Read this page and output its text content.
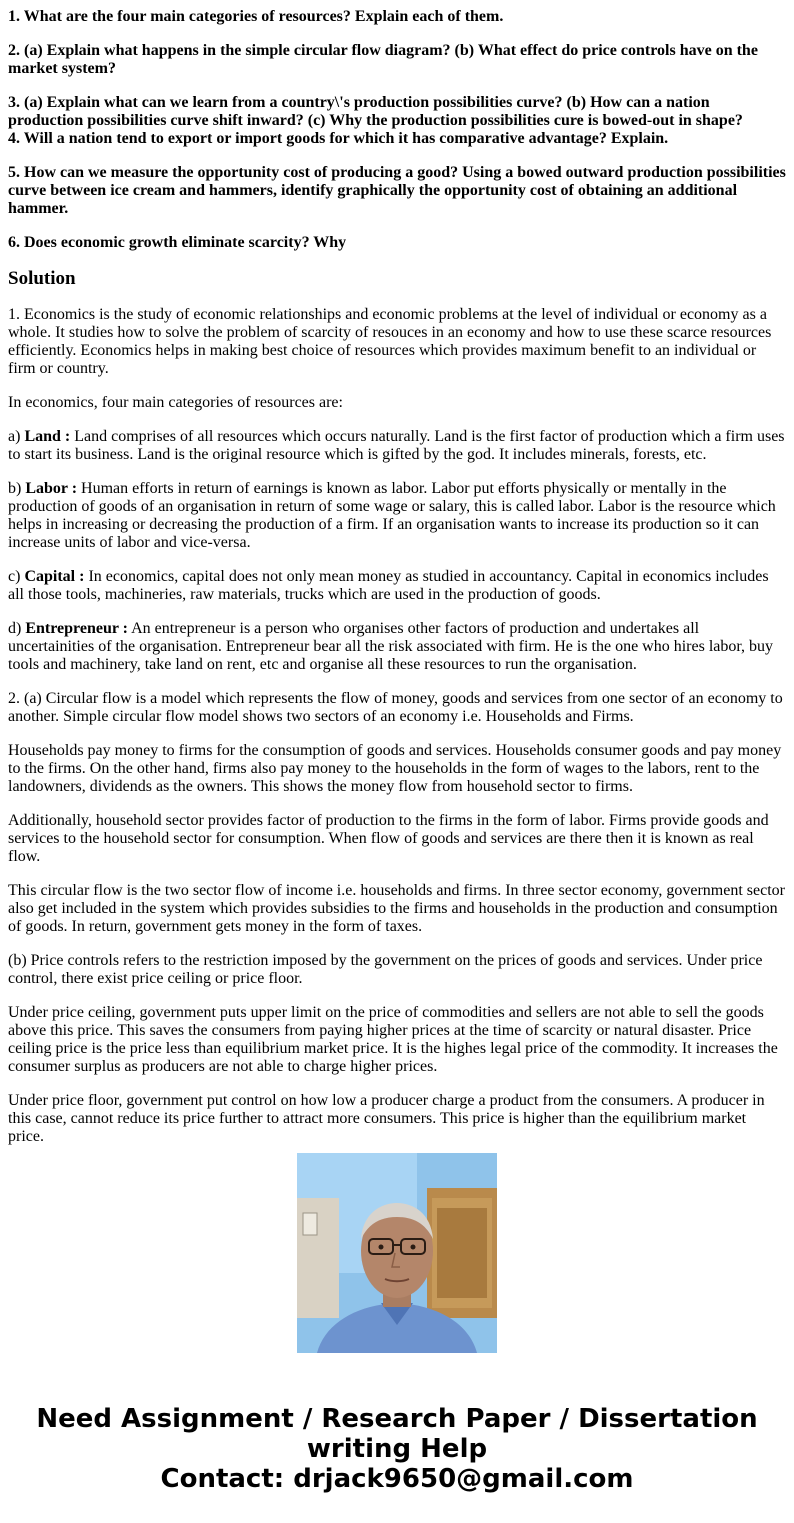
1. What are the four main categories of resources? Explain each of them.

2. (a) Explain what happens in the simple circular flow diagram? (b) What effect do price controls have on the market system?

3. (a) Explain what can we learn from a country\'s production possibilities curve? (b) How can a nation production possibilities curve shift inward? (c) Why the production possibilities cure is bowed-out in shape?

4. Will a nation tend to export or import goods for which it has comparative advantage? Explain.

5. How can we measure the opportunity cost of producing a good? Using a bowed outward production possibilities curve between ice cream and hammers, identify graphically the opportunity cost of obtaining an additional hammer.

6. Does economic growth eliminate scarcity? Why

Solution

1. Economics is the study of economic relationships and economic problems at the level of individual or economy as a whole. It studies how to solve the problem of scarcity of resouces in an economy and how to use these scarce resources efficiently. Economics helps in making best choice of resources which provides maximum benefit to an individual or firm or country.

In economics, four main categories of resources are:

a) Land : Land comprises of all resources which occurs naturally. Land is the first factor of production which a firm uses to start its business. Land is the original resource which is gifted by the god. It includes minerals, forests, etc.

b) Labor : Human efforts in return of earnings is known as labor. Labor put efforts physically or mentally in the production of goods of an organisation in return of some wage or salary, this is called labor. Labor is the resource which helps in increasing or decreasing the production of a firm. If an organisation wants to increase its production so it can increase units of labor and vice-versa.

c) Capital : In economics, capital does not only mean money as studied in accountancy. Capital in economics includes all those tools, machineries, raw materials, trucks which are used in the production of goods.

d) Entrepreneur : An entrepreneur is a person who organises other factors of production and undertakes all uncertainities of the organisation. Entrepreneur bear all the risk associated with firm. He is the one who hires labor, buy tools and machinery, take land on rent, etc and organise all these resources to run the organisation.

2. (a) Circular flow is a model which represents the flow of money, goods and services from one sector of an economy to another. Simple circular flow model shows two sectors of an economy i.e. Households and Firms.

Households pay money to firms for the consumption of goods and services. Households consumer goods and pay money to the firms. On the other hand, firms also pay money to the households in the form of wages to the labors, rent to the landowners, dividends as the owners. This shows the money flow from household sector to firms.

Additionally, household sector provides factor of production to the firms in the form of labor. Firms provide goods and services to the household sector for consumption. When flow of goods and services are there then it is known as real flow.

This circular flow is the two sector flow of income i.e. households and firms. In three sector economy, government sector also get included in the system which provides subsidies to the firms and households in the production and consumption of goods. In return, government gets money in the form of taxes.

(b) Price controls refers to the restriction imposed by the government on the prices of goods and services. Under price control, there exist price ceiling or price floor.

Under price ceiling, government puts upper limit on the price of commodities and sellers are not able to sell the goods above this price. This saves the consumers from paying higher prices at the time of scarcity or natural disaster. Price ceiling price is the price less than equilibrium market price. It is the highes legal price of the commodity. It increases the consumer surplus as producers are not able to charge higher prices.

Under price floor, government put control on how low a producer charge a product from the consumers. A producer in this case, cannot reduce its price further to attract more consumers. This price is higher than the equilibrium market price.

Need Assignment / Research Paper / Dissertation writing Help
Contact: drjack9650@gmail.com
